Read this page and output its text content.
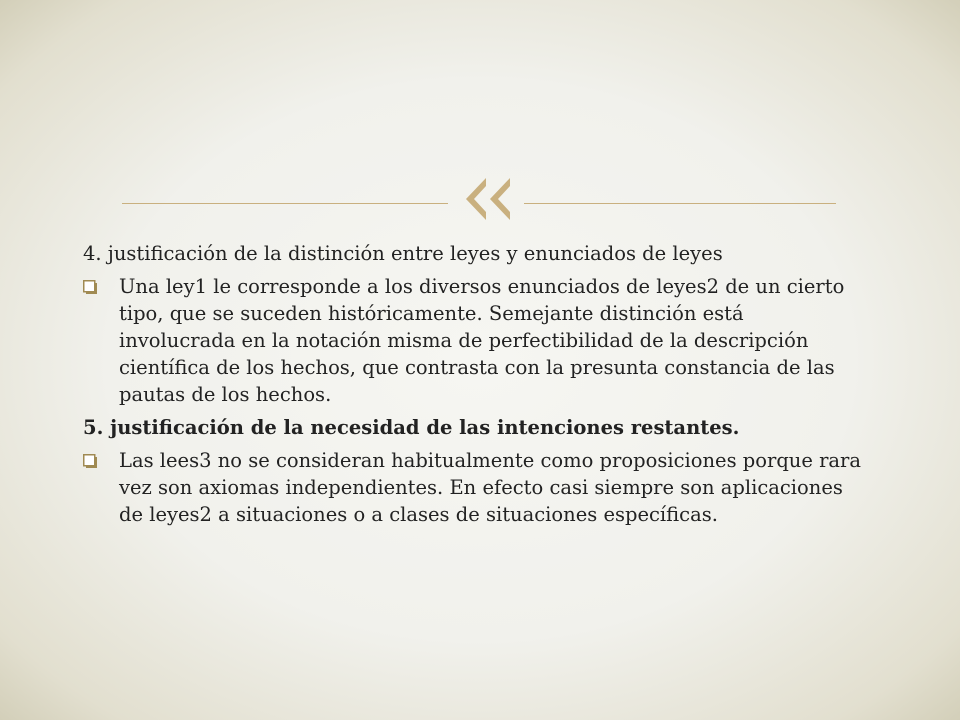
4. justificación de la distinción entre leyes y enunciados de leyes
Una ley1 le corresponde a los diversos enunciados de leyes2 de un cierto tipo, que se suceden históricamente. Semejante distinción está involucrada en la notación misma de perfectibilidad de la descripción científica de los hechos, que contrasta con la presunta constancia de las pautas de los hechos.
5. justificación de la necesidad de las intenciones restantes.
Las lees3 no se consideran habitualmente como proposiciones porque rara vez son axiomas independientes. En efecto casi siempre son aplicaciones de leyes2 a situaciones o a clases de situaciones específicas.
